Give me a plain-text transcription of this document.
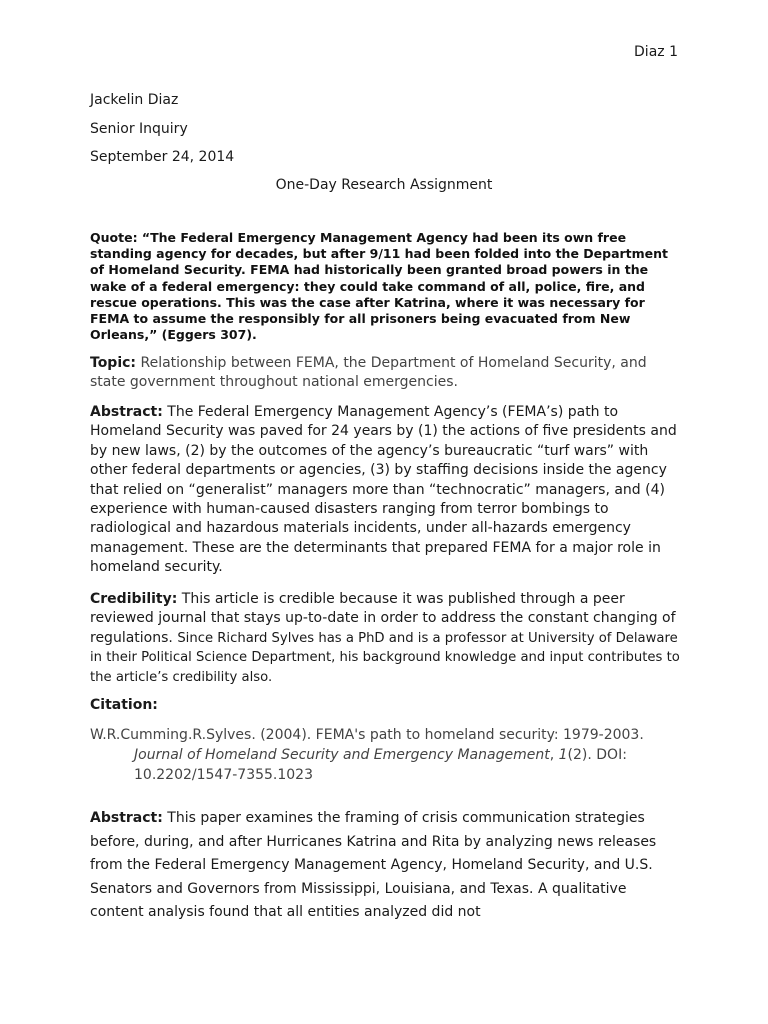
Diaz 1
Jackelin Diaz
Senior Inquiry
September 24, 2014
One-Day Research Assignment
Quote: “The Federal Emergency Management Agency had been its own free standing agency for decades, but after 9/11 had been folded into the Department of Homeland Security. FEMA had historically been granted broad powers in the wake of a federal emergency: they could take command of all, police, fire, and rescue operations. This was the case after Katrina, where it was necessary for FEMA to assume the responsibly for all prisoners being evacuated from New Orleans,” (Eggers 307).
Topic: Relationship between FEMA, the Department of Homeland Security, and state government throughout national emergencies.
Abstract: The Federal Emergency Management Agency’s (FEMA’s) path to Homeland Security was paved for 24 years by (1) the actions of five presidents and by new laws, (2) by the outcomes of the agency’s bureaucratic “turf wars” with other federal departments or agencies, (3) by staffing decisions inside the agency that relied on “generalist” managers more than “technocratic” managers, and (4) experience with human-caused disasters ranging from terror bombings to radiological and hazardous materials incidents, under all-hazards emergency management. These are the determinants that prepared FEMA for a major role in homeland security.
Credibility: This article is credible because it was published through a peer reviewed journal that stays up-to-date in order to address the constant changing of regulations. Since Richard Sylves has a PhD and is a professor at University of Delaware in their Political Science Department, his background knowledge and input contributes to the article’s credibility also.
Citation:
W.R.Cumming.R.Sylves. (2004). FEMA's path to homeland security: 1979-2003. Journal of Homeland Security and Emergency Management, 1(2). DOI: 10.2202/1547-7355.1023
Abstract: This paper examines the framing of crisis communication strategies before, during, and after Hurricanes Katrina and Rita by analyzing news releases from the Federal Emergency Management Agency, Homeland Security, and U.S. Senators and Governors from Mississippi, Louisiana, and Texas. A qualitative content analysis found that all entities analyzed did not
